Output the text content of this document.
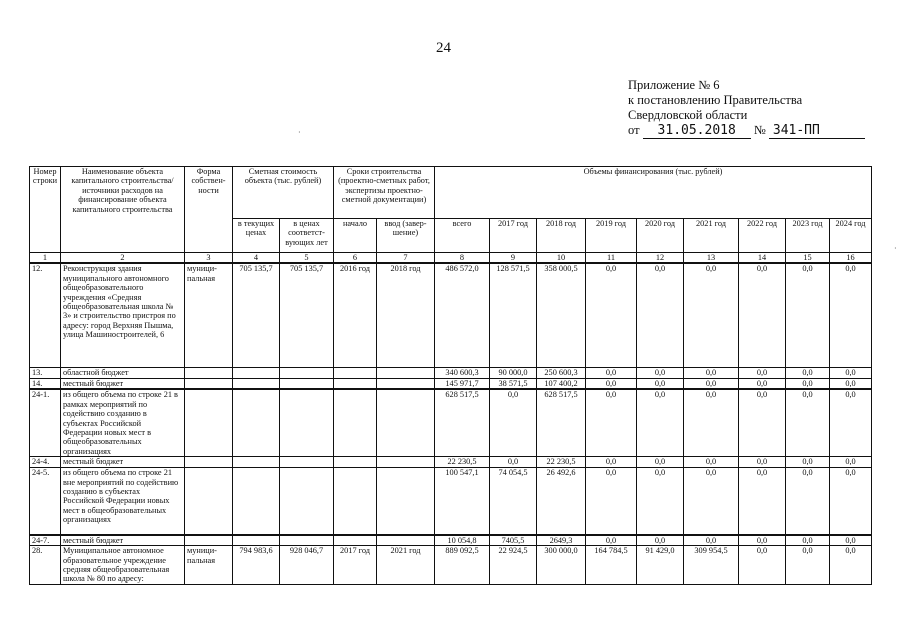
24
Приложение № 6
к постановлению Правительства
Свердловской области
от 31.05.2018 № 341-ПП
·
·
Номер строки	Наименование объекта капитального строительства/ источники расходов на финансирование объекта капитального строительства	Форма собствен-ности	Сметная стоимость объекта (тыс. рублей)		Сроки строительства (проектно-сметных работ, экспертизы проектно-сметной документации)		Объемы финансирования (тыс. рублей)								
			в текущих ценах	в ценах соответст-вующих лет	начало	ввод (завер-шение)	всего	2017 год	2018 год	2019 год	2020 год	2021 год	2022 год	2023 год	2024 год
1	2	3	4	5	6	7	8	9	10	11	12	13	14	15	16
12.	Реконструкция здания муниципального автономного общеобразовательного учреждения «Средняя общеобразовательная школа № 3» и строительство пристроя по адресу: город Верхняя Пышма, улица Машиностроителей, 6	муници-пальная	705 135,7	705 135,7	2016 год	2018 год	486 572,0	128 571,5	358 000,5	0,0	0,0	0,0	0,0	0,0	0,0
13.	областной бюджет						340 600,3	90 000,0	250 600,3	0,0	0,0	0,0	0,0	0,0	0,0
14.	местный бюджет						145 971,7	38 571,5	107 400,2	0,0	0,0	0,0	0,0	0,0	0,0
24-1.	из общего объема по строке 21 в рамках мероприятий по содействию созданию в субъектах Российской Федерации новых мест в общеобразовательных организациях						628 517,5	0,0	628 517,5	0,0	0,0	0,0	0,0	0,0	0,0
24-4.	местный бюджет						22 230,5	0,0	22 230,5	0,0	0,0	0,0	0,0	0,0	0,0
24-5.	из общего объема по строке 21 вне мероприятий по содействию созданию в субъектах Российской Федерации новых мест в общеобразовательных организациях						100 547,1	74 054,5	26 492,6	0,0	0,0	0,0	0,0	0,0	0,0
24-7.	местный бюджет						10 054,8	7405,5	2649,3	0,0	0,0	0,0	0,0	0,0	0,0
28.	Муниципальное автономное образовательное учреждение средняя общеобразовательная школа № 80 по адресу:	муници-пальная	794 983,6	928 046,7	2017 год	2021 год	889 092,5	22 924,5	300 000,0	164 784,5	91 429,0	309 954,5	0,0	0,0	0,0
